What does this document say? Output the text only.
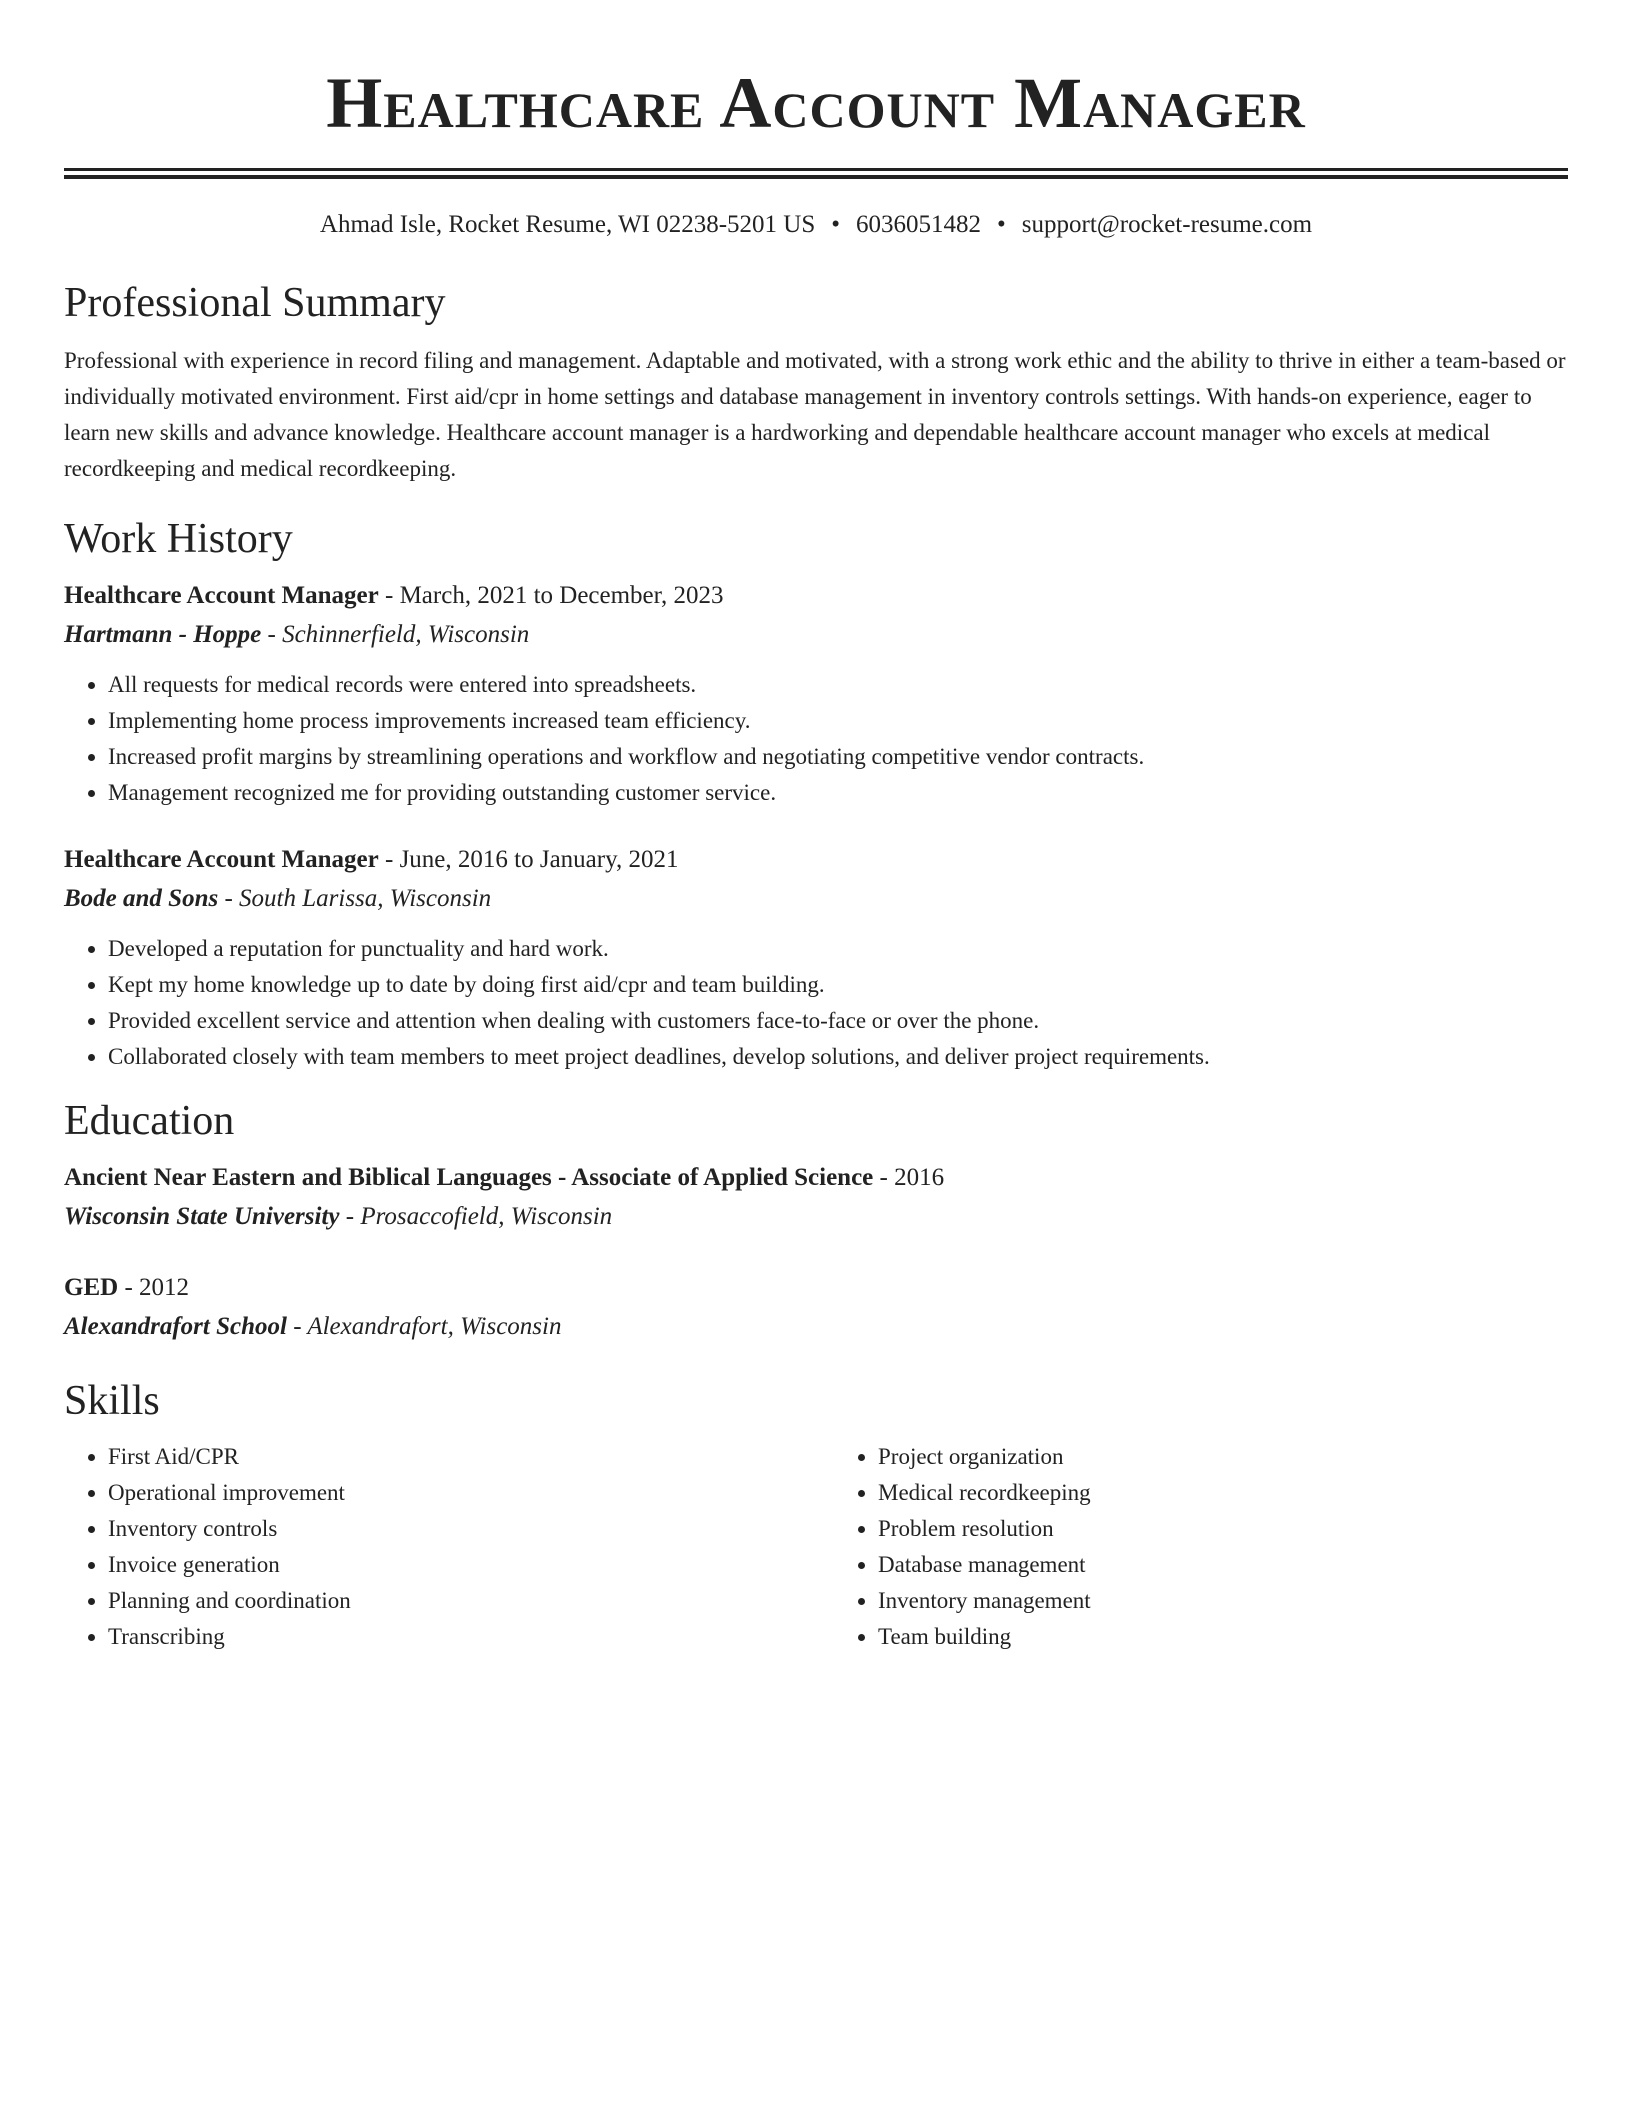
Healthcare Account Manager
Ahmad Isle, Rocket Resume, WI 02238-5201 US • 6036051482 • support@rocket-resume.com
Professional Summary
Professional with experience in record filing and management. Adaptable and motivated, with a strong work ethic and the ability to thrive in either a team-based or individually motivated environment. First aid/cpr in home settings and database management in inventory controls settings. With hands-on experience, eager to learn new skills and advance knowledge. Healthcare account manager is a hardworking and dependable healthcare account manager who excels at medical recordkeeping and medical recordkeeping.
Work History
Healthcare Account Manager - March, 2021 to December, 2023
Hartmann - Hoppe - Schinnerfield, Wisconsin
• All requests for medical records were entered into spreadsheets.
• Implementing home process improvements increased team efficiency.
• Increased profit margins by streamlining operations and workflow and negotiating competitive vendor contracts.
• Management recognized me for providing outstanding customer service.
Healthcare Account Manager - June, 2016 to January, 2021
Bode and Sons - South Larissa, Wisconsin
• Developed a reputation for punctuality and hard work.
• Kept my home knowledge up to date by doing first aid/cpr and team building.
• Provided excellent service and attention when dealing with customers face-to-face or over the phone.
• Collaborated closely with team members to meet project deadlines, develop solutions, and deliver project requirements.
Education
Ancient Near Eastern and Biblical Languages - Associate of Applied Science - 2016
Wisconsin State University - Prosaccofield, Wisconsin
GED - 2012
Alexandrafort School - Alexandrafort, Wisconsin
Skills
• First Aid/CPR
• Operational improvement
• Inventory controls
• Invoice generation
• Planning and coordination
• Transcribing
• Project organization
• Medical recordkeeping
• Problem resolution
• Database management
• Inventory management
• Team building
